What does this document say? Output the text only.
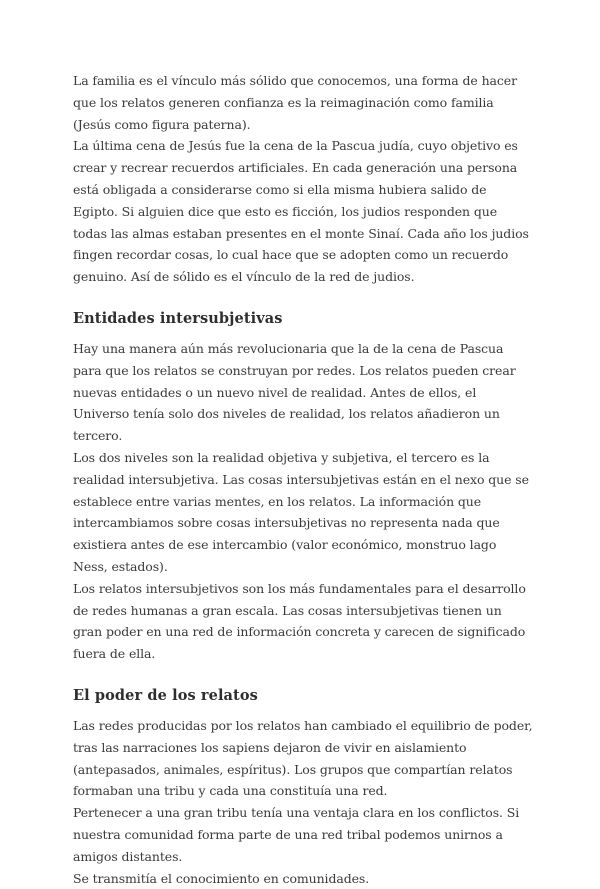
La familia es el vínculo más sólido que conocemos, una forma de hacer que los relatos generen confianza es la reimaginación como familia (Jesús como figura paterna).

La última cena de Jesús fue la cena de la Pascua judía, cuyo objetivo es crear y recrear recuerdos artificiales. En cada generación una persona está obligada a considerarse como si ella misma hubiera salido de Egipto. Si alguien dice que esto es ficción, los judios responden que todas las almas estaban presentes en el monte Sinaí. Cada año los judios fingen recordar cosas, lo cual hace que se adopten como un recuerdo genuino. Así de sólido es el vínculo de la red de judios.

Entidades intersubjetivas

Hay una manera aún más revolucionaria que la de la cena de Pascua para que los relatos se construyan por redes. Los relatos pueden crear nuevas entidades o un nuevo nivel de realidad. Antes de ellos, el Universo tenía solo dos niveles de realidad, los relatos añadieron un tercero.

Los dos niveles son la realidad objetiva y subjetiva, el tercero es la realidad intersubjetiva. Las cosas intersubjetivas están en el nexo que se establece entre varias mentes, en los relatos. La información que intercambiamos sobre cosas intersubjetivas no representa nada que existiera antes de ese intercambio (valor económico, monstruo lago Ness, estados).

Los relatos intersubjetivos son los más fundamentales para el desarrollo de redes humanas a gran escala. Las cosas intersubjetivas tienen un gran poder en una red de información concreta y carecen de significado fuera de ella.

El poder de los relatos

Las redes producidas por los relatos han cambiado el equilibrio de poder, tras las narraciones los sapiens dejaron de vivir en aislamiento (antepasados, animales, espíritus). Los grupos que compartían relatos formaban una tribu y cada una constituía una red.

Pertenecer a una gran tribu tenía una ventaja clara en los conflictos. Si nuestra comunidad forma parte de una red tribal podemos unirnos a amigos distantes.

Se transmitía el conocimiento en comunidades.
